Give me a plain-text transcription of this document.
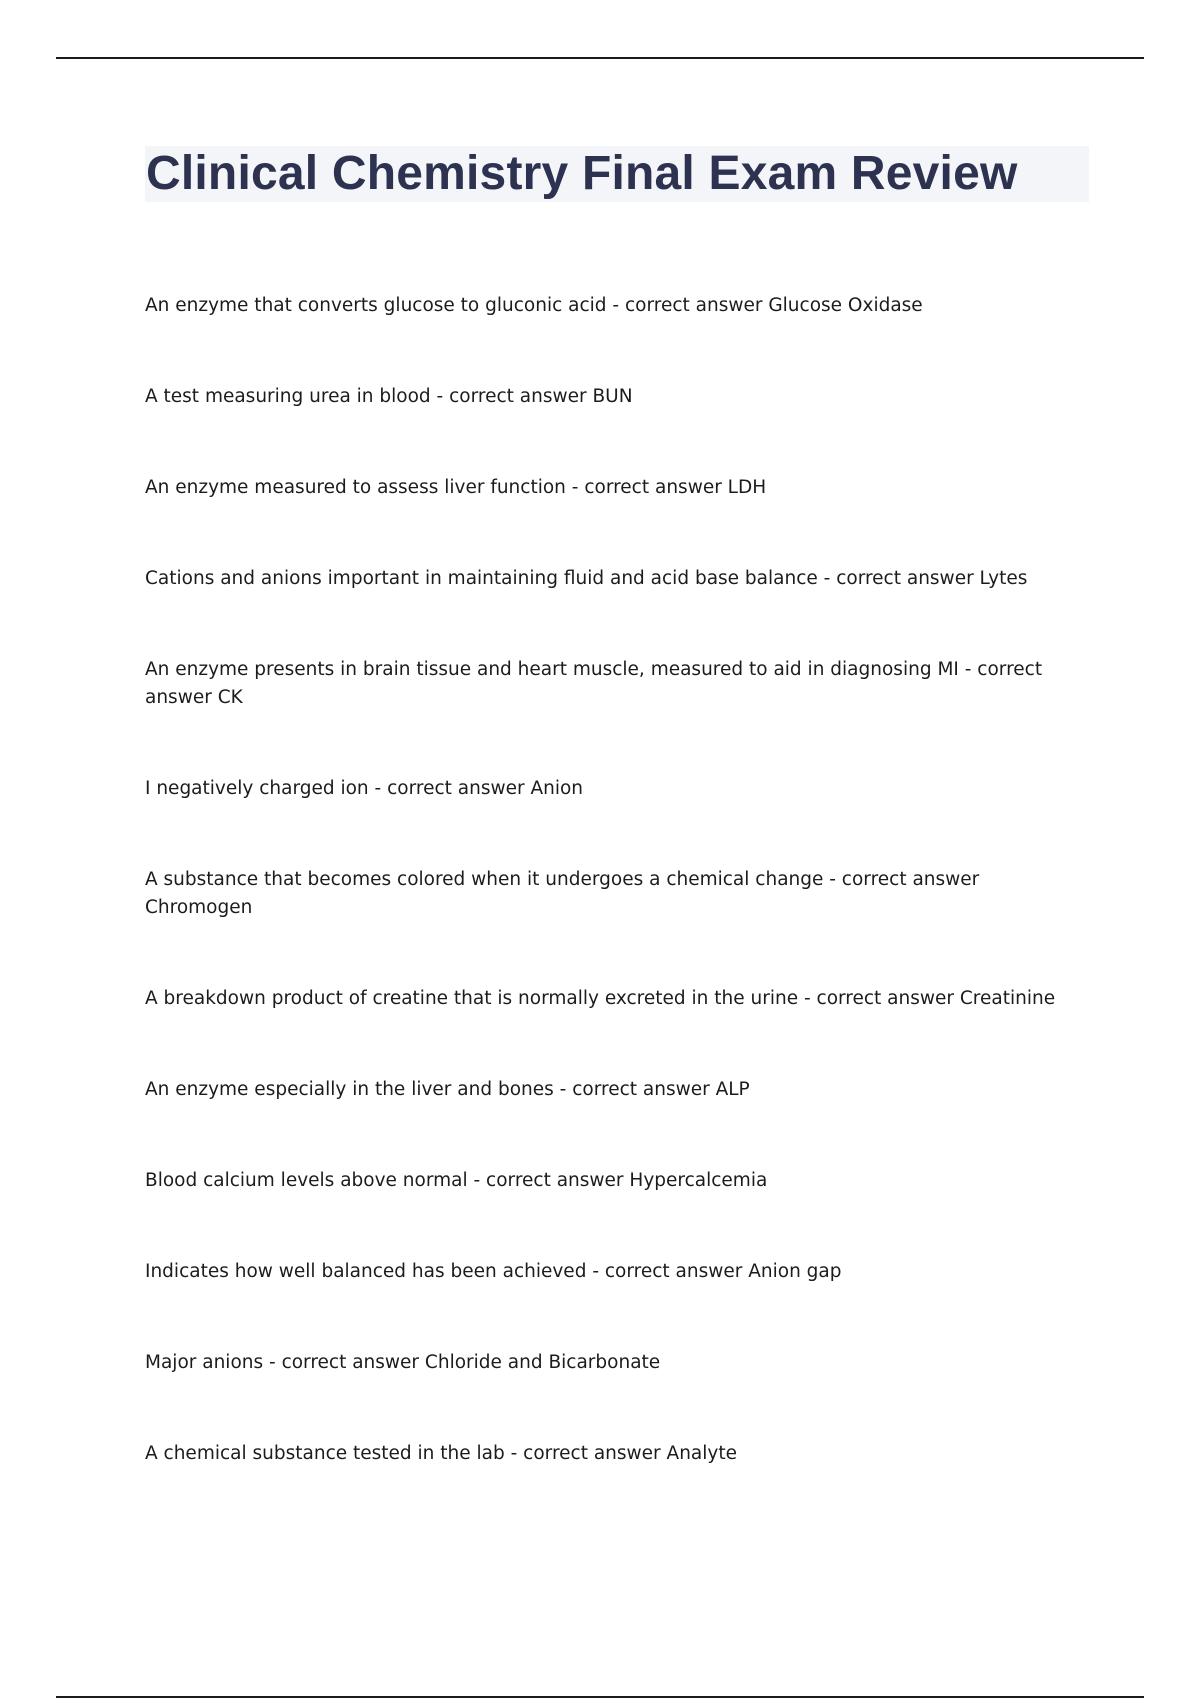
Clinical Chemistry Final Exam Review
An enzyme that converts glucose to gluconic acid - correct answer Glucose Oxidase
A test measuring urea in blood - correct answer BUN
An enzyme measured to assess liver function - correct answer LDH
Cations and anions important in maintaining fluid and acid base balance - correct answer Lytes
An enzyme presents in brain tissue and heart muscle, measured to aid in diagnosing MI - correct answer CK
I negatively charged ion - correct answer Anion
A substance that becomes colored when it undergoes a chemical change - correct answer Chromogen
A breakdown product of creatine that is normally excreted in the urine - correct answer Creatinine
An enzyme especially in the liver and bones - correct answer ALP
Blood calcium levels above normal - correct answer Hypercalcemia
Indicates how well balanced has been achieved - correct answer Anion gap
Major anions - correct answer Chloride and Bicarbonate
A chemical substance tested in the lab - correct answer Analyte
